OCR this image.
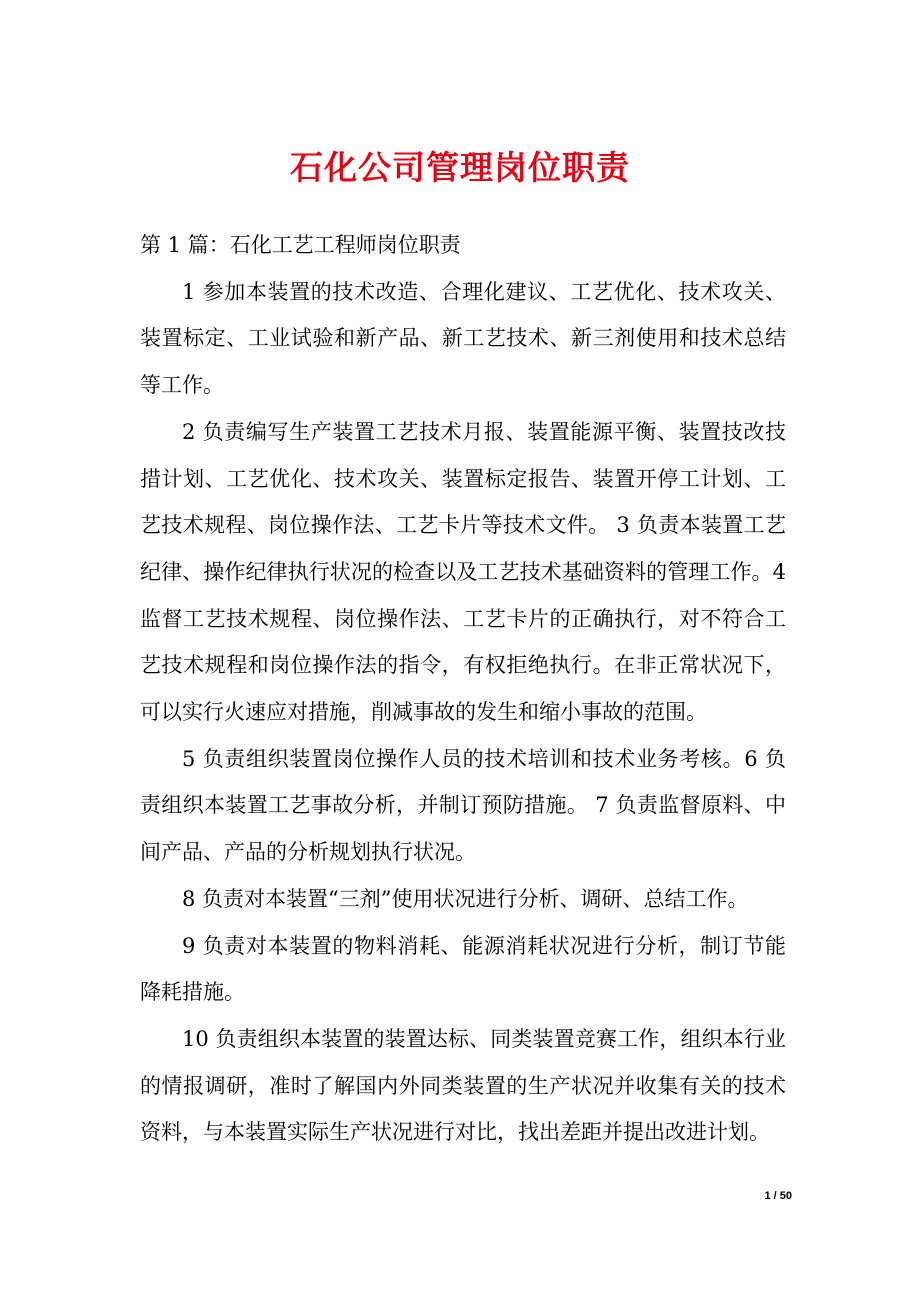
石化公司管理岗位职责

第 1 篇：石化工艺工程师岗位职责

1 参加本装置的技术改造、合理化建议、工艺优化、技术攻关、装置标定、工业试验和新产品、新工艺技术、新三剂使用和技术总结等工作。

2 负责编写生产装置工艺技术月报、装置能源平衡、装置技改技措计划、工艺优化、技术攻关、装置标定报告、装置开停工计划、工艺技术规程、岗位操作法、工艺卡片等技术文件。 3 负责本装置工艺纪律、操作纪律执行状况的检查以及工艺技术基础资料的管理工作。4 监督工艺技术规程、岗位操作法、工艺卡片的正确执行，对不符合工艺技术规程和岗位操作法的指令，有权拒绝执行。在非正常状况下，可以实行火速应对措施，削减事故的发生和缩小事故的范围。

5 负责组织装置岗位操作人员的技术培训和技术业务考核。6 负责组织本装置工艺事故分析，并制订预防措施。 7 负责监督原料、中间产品、产品的分析规划执行状况。

8 负责对本装置“三剂”使用状况进行分析、调研、总结工作。

9 负责对本装置的物料消耗、能源消耗状况进行分析，制订节能降耗措施。

10 负责组织本装置的装置达标、同类装置竞赛工作，组织本行业的情报调研，准时了解国内外同类装置的生产状况并收集有关的技术资料，与本装置实际生产状况进行对比，找出差距并提出改进计划。

1 / 50
